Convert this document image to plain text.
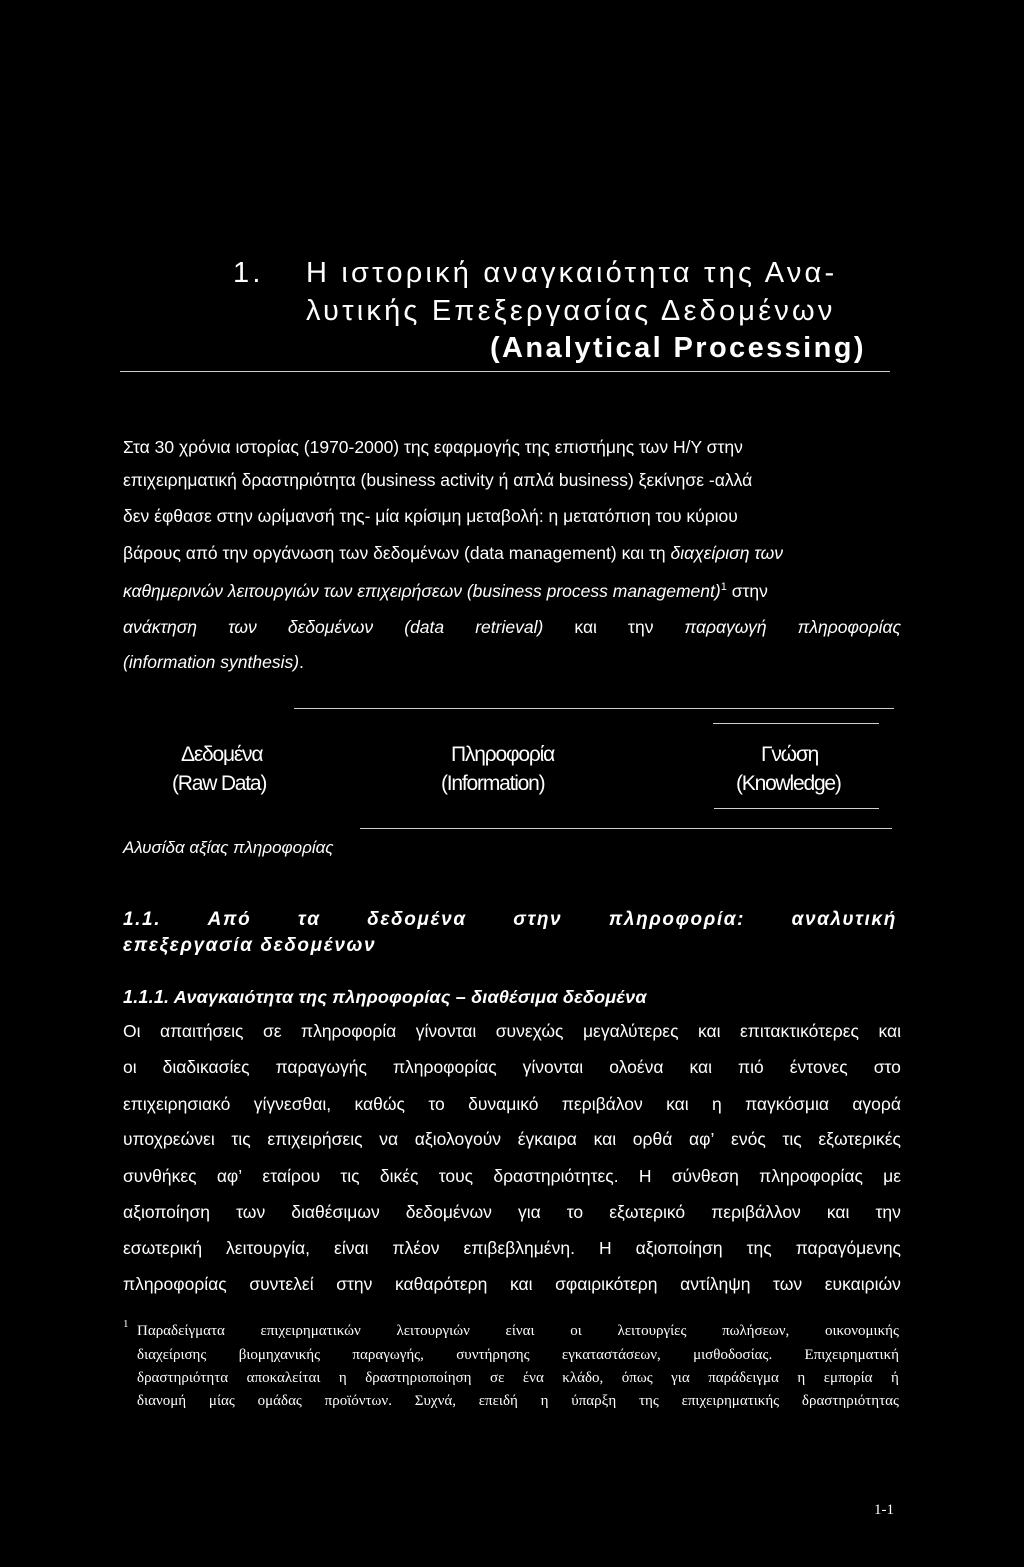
1. Η ιστορική αναγκαιότητα της Ανα-
λυτικής Επεξεργασίας Δεδομένων
(Analytical Processing)
Στα 30 χρόνια ιστορίας (1970-2000) της εφαρμογής της επιστήμης των Η/Υ στην
επιχειρηματική δραστηριότητα (business activity ή απλά business) ξεκίνησε -αλλά
δεν έφθασε στην ωρίμανσή της- μία κρίσιμη μεταβολή: η μετατόπιση του κύριου
βάρους από την οργάνωση των δεδομένων (data management) και τη διαχείριση των
καθημερινών λειτουργιών των επιχειρήσεων (business process management)$^1$ στην
ανάκτηση των δεδομένων (data retrieval) και την παραγωγή πληροφορίας
(information synthesis).
Δεδομένα
(Raw Data)
Πληροφορία
(Information)
Γνώση
(Knowledge)
Αλυσίδα αξίας πληροφορίας
1.1. Από τα δεδομένα στην πληροφορία: αναλυτική
επεξεργασία δεδομένων
1.1.1. Αναγκαιότητα της πληροφορίας – διαθέσιμα δεδομένα
Οι απαιτήσεις σε πληροφορία γίνονται συνεχώς μεγαλύτερες και επιτακτικότερες και
οι διαδικασίες παραγωγής πληροφορίας γίνονται ολοένα και πιό έντονες στο
επιχειρησιακό γίγνεσθαι, καθώς το δυναμικό περιβάλον και η παγκόσμια αγορά
υποχρεώνει τις επιχειρήσεις να αξιολογούν έγκαιρα και ορθά αφ’ ενός τις εξωτερικές
συνθήκες αφ’ εταίρου τις δικές τους δραστηριότητες. Η σύνθεση πληροφορίας με
αξιοποίηση των διαθέσιμων δεδομένων για το εξωτερικό περιβάλλον και την
εσωτερική λειτουργία, είναι πλέον επιβεβλημένη. Η αξιοποίηση της παραγόμενης
πληροφορίας συντελεί στην καθαρότερη και σφαιρικότερη αντίληψη των ευκαιριών
1 Παραδείγματα επιχειρηματικών λειτουργιών είναι οι λειτουργίες πωλήσεων, οικονομικής
διαχείρισης βιομηχανικής παραγωγής, συντήρησης εγκαταστάσεων, μισθοδοσίας. Επιχειρηματική
δραστηριότητα αποκαλείται η δραστηριοποίηση σε ένα κλάδο, όπως για παράδειγμα η εμπορία ή
διανομή μίας ομάδας προϊόντων. Συχνά, επειδή η ύπαρξη της επιχειρηματικής δραστηριότητας
1-1
